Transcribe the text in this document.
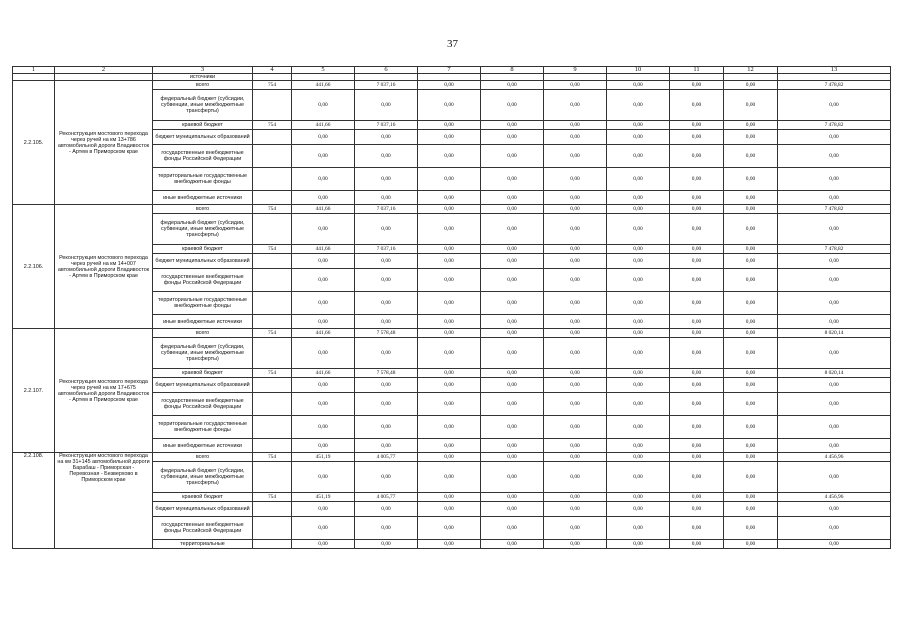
37
1	2	3	4	5	6	7	8	9	10	11	12	13
		источники										
2.2.105.	Реконструкция мостового перехода через ручей на км 13+786 автомобильной дороги Владивосток - Артем в Приморском крае	всего	754	441,66	7 037,16	0,00	0,00	0,00	0,00	0,00	0,00	7 478,82
		федеральный бюджет (субсидии, субвенции, иные межбюджетные трансферты)		0,00	0,00	0,00	0,00	0,00	0,00	0,00	0,00	0,00
		краевой бюджет	754	441,66	7 037,16	0,00	0,00	0,00	0,00	0,00	0,00	7 478,82
		бюджет муниципальных образований		0,00	0,00	0,00	0,00	0,00	0,00	0,00	0,00	0,00
		государственные внебюджетные фонды Российской Федерации		0,00	0,00	0,00	0,00	0,00	0,00	0,00	0,00	0,00
		территориальные государственные внебюджетные фонды		0,00	0,00	0,00	0,00	0,00	0,00	0,00	0,00	0,00
		иные внебюджетные источники		0,00	0,00	0,00	0,00	0,00	0,00	0,00	0,00	0,00
2.2.106.	Реконструкция мостового перехода через ручей на км 14+007 автомобильной дороги Владивосток - Артем в Приморском крае	всего	754	441,66	7 037,16	0,00	0,00	0,00	0,00	0,00	0,00	7 478,82
		федеральный бюджет (субсидии, субвенции, иные межбюджетные трансферты)		0,00	0,00	0,00	0,00	0,00	0,00	0,00	0,00	0,00
		краевой бюджет	754	441,66	7 037,16	0,00	0,00	0,00	0,00	0,00	0,00	7 478,82
		бюджет муниципальных образований		0,00	0,00	0,00	0,00	0,00	0,00	0,00	0,00	0,00
		государственные внебюджетные фонды Российской Федерации		0,00	0,00	0,00	0,00	0,00	0,00	0,00	0,00	0,00
		территориальные государственные внебюджетные фонды		0,00	0,00	0,00	0,00	0,00	0,00	0,00	0,00	0,00
		иные внебюджетные источники		0,00	0,00	0,00	0,00	0,00	0,00	0,00	0,00	0,00
2.2.107.	Реконструкция мостового перехода через ручей на км 17+675 автомобильной дороги Владивосток - Артем в Приморском крае	всего	754	441,66	7 578,48	0,00	0,00	0,00	0,00	0,00	0,00	8 020,14
		федеральный бюджет (субсидии, субвенции, иные межбюджетные трансферты)		0,00	0,00	0,00	0,00	0,00	0,00	0,00	0,00	0,00
		краевой бюджет	754	441,66	7 578,48	0,00	0,00	0,00	0,00	0,00	0,00	8 020,14
		бюджет муниципальных образований		0,00	0,00	0,00	0,00	0,00	0,00	0,00	0,00	0,00
		государственные внебюджетные фонды Российской Федерации		0,00	0,00	0,00	0,00	0,00	0,00	0,00	0,00	0,00
		территориальные государственные внебюджетные фонды		0,00	0,00	0,00	0,00	0,00	0,00	0,00	0,00	0,00
		иные внебюджетные источники		0,00	0,00	0,00	0,00	0,00	0,00	0,00	0,00	0,00
2.2.108.	Реконструкция мостового перехода на км 31+145 автомобильной дороги Барабаш - Приморская - Перевозная - Безверхово в Приморском крае	всего	754	451,19	4 005,77	0,00	0,00	0,00	0,00	0,00	0,00	4 456,96
		федеральный бюджет (субсидии, субвенции, иные межбюджетные трансферты)		0,00	0,00	0,00	0,00	0,00	0,00	0,00	0,00	0,00
		краевой бюджет	754	451,19	4 005,77	0,00	0,00	0,00	0,00	0,00	0,00	4 456,96
		бюджет муниципальных образований		0,00	0,00	0,00	0,00	0,00	0,00	0,00	0,00	0,00
		государственные внебюджетные фонды Российской Федерации		0,00	0,00	0,00	0,00	0,00	0,00	0,00	0,00	0,00
		территориальные		0,00	0,00	0,00	0,00	0,00	0,00	0,00	0,00	0,00
